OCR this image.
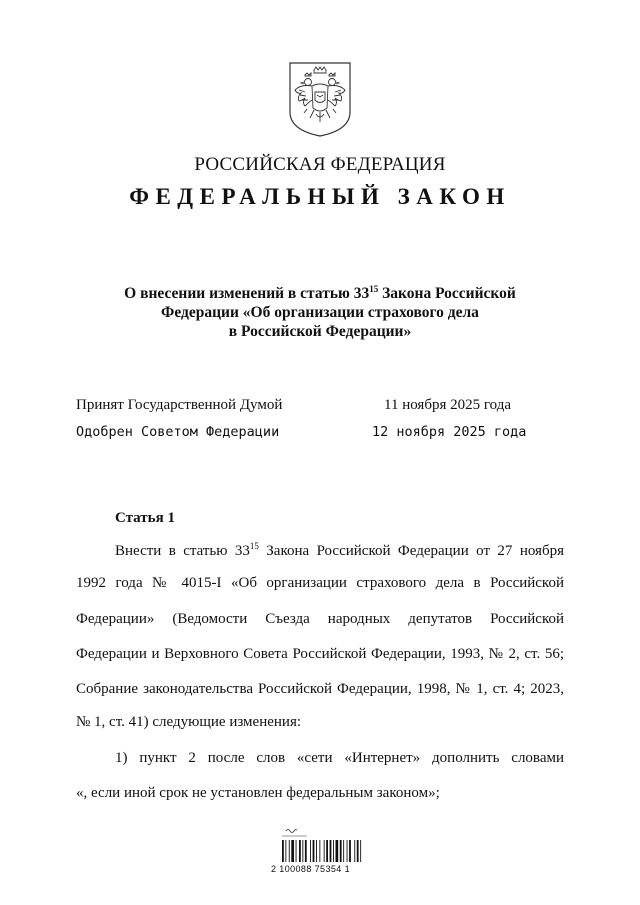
РОССИЙСКАЯ ФЕДЕРАЦИЯ
ФЕДЕРАЛЬНЫЙ ЗАКОН
О внесении изменений в статью $33^{15}$ Закона Российской
Федерации «Об организации страхового дела
в Российской Федерации»
Принят Государственной Думой	11 ноября 2025 года
Одобрен Советом Федерации	12 ноября 2025 года
Статья 1
Внести в статью $33^{15}$ Закона Российской Федерации от 27 ноября
1992 года № 4015-I «Об организации страхового дела в Российской
Федерации» (Ведомости Съезда народных депутатов Российской
Федерации и Верховного Совета Российской Федерации, 1993, № 2, ст. 56;
Собрание законодательства Российской Федерации, 1998, № 1, ст. 4; 2023,
№ 1, ст. 41) следующие изменения:
1) пункт 2 после слов «сети «Интернет» дополнить словами
«, если иной срок не установлен федеральным законом»;
2 100088 75354 1
